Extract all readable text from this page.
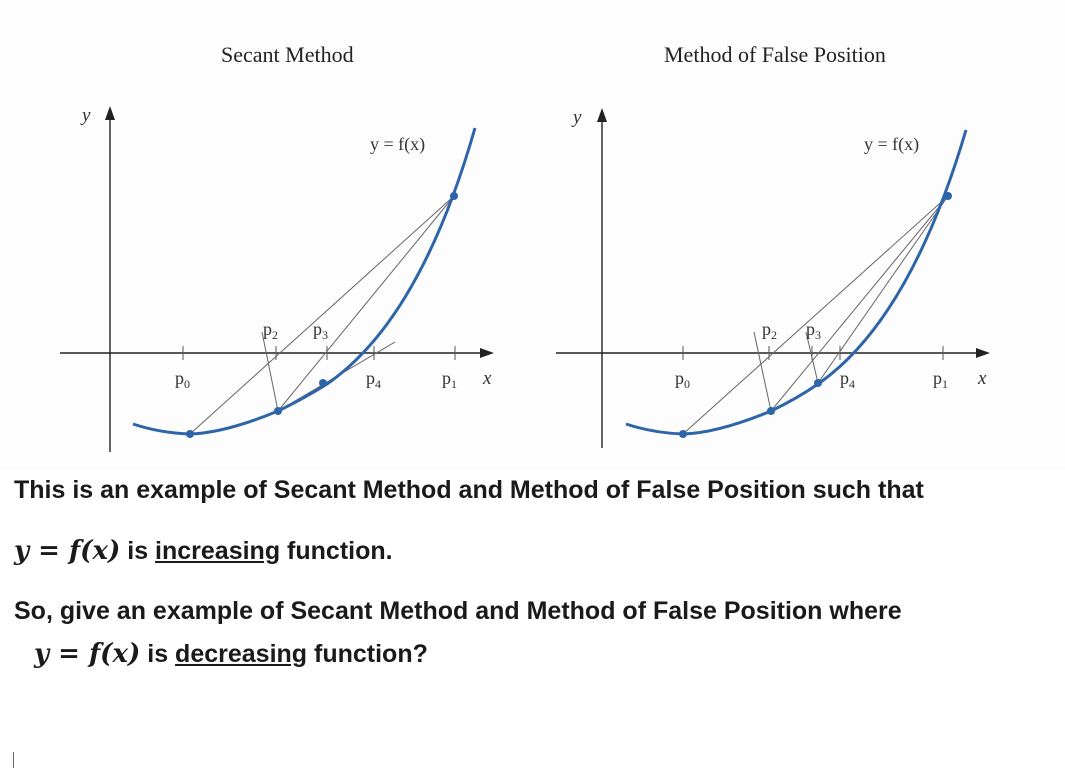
Secant Method	Method of False Position
y
x
y = f(x)
$p_0$	$p_1$
$p_2$ $p_3$
$p_4$
y
x
y = f(x)
$p_0$	$p_1$
$p_2$ $p_3$
$p_4$
This is an example of Secant Method and Method of False Position such that
y = f(x) is increasing function.
So, give an example of Secant Method and Method of False Position where
y = f(x) is decreasing function?
